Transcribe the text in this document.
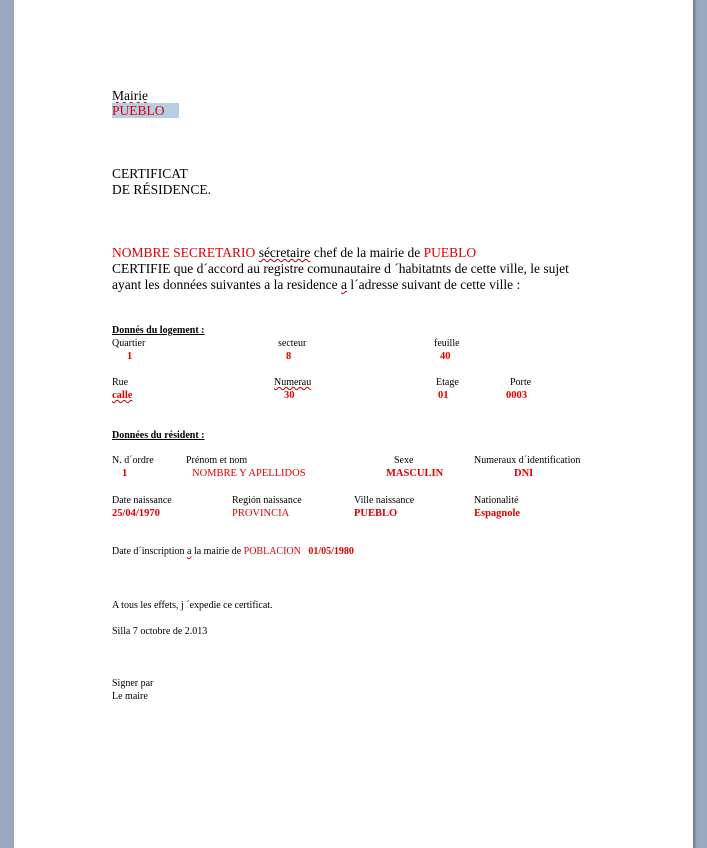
Mairie
PUEBLO
CERTIFICAT
DE RÉSIDENCE.
NOMBRE SECRETARIO sécretaire chef de la mairie de PUEBLO
CERTIFIE que d´accord au registre comunautaire d ´habitatnts de cette ville, le sujet
ayant les données suivantes a la residence a l´adresse suivant de cette ville :
Donnés du logement :
Quartier	secteur	feuille
1	8	40
Rue	Numerau	Etage	Porte
calle	30	01	0003
Données du résident :
N. d´ordre	Prénom et nom	Sexe	Numeraux d´identification
1	NOMBRE Y APELLIDOS	MASCULIN	DNI
Date naissance	Región naissance	Ville naissance	Nationalité
25/04/1970	PROVINCIA	PUEBLO	Espagnole
Date d´inscription a la mairie de POBLACION 01/05/1980
A tous les effets, j ´expedie ce certificat.
Silla 7 octobre de 2.013
Signer par
Le maire
